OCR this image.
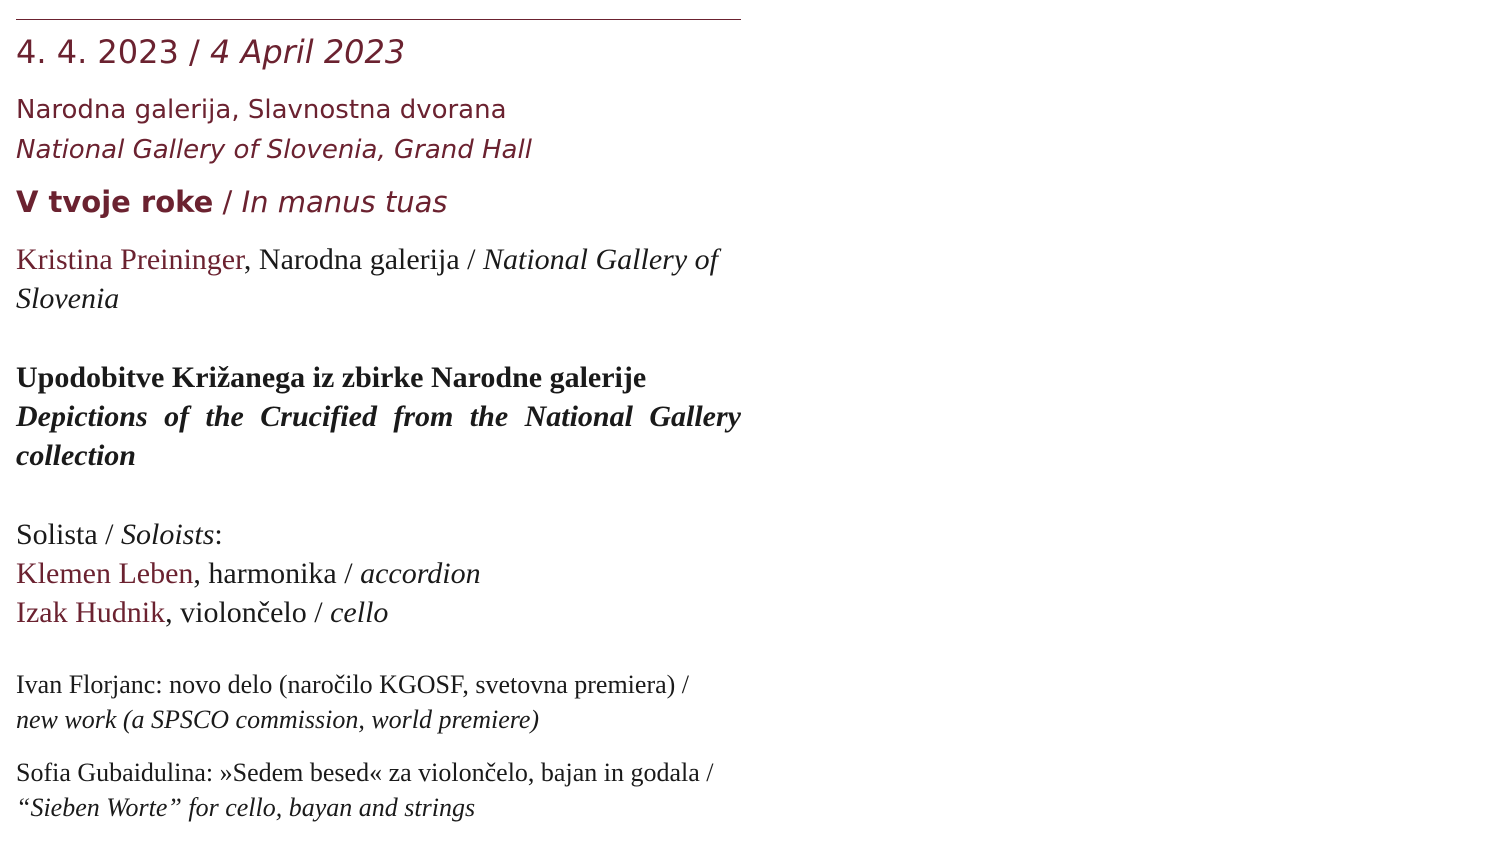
4. 4. 2023 / 4 April 2023
Narodna galerija, Slavnostna dvorana
National Gallery of Slovenia, Grand Hall
V tvoje roke / In manus tuas
Kristina Preininger, Narodna galerija / National Gallery of Slovenia
Upodobitve Križanega iz zbirke Narodne galerije
Depictions of the Crucified from the National Gallery collection
Solista / Soloists:
Klemen Leben, harmonika / accordion
Izak Hudnik, violončelo / cello
Ivan Florjanc: novo delo (naročilo KGOSF, svetovna premiera) /
new work (a SPSCO commission, world premiere)
Sofia Gubaidulina: »Sedem besed« za violončelo, bajan in godala /
“Sieben Worte” for cello, bayan and strings
